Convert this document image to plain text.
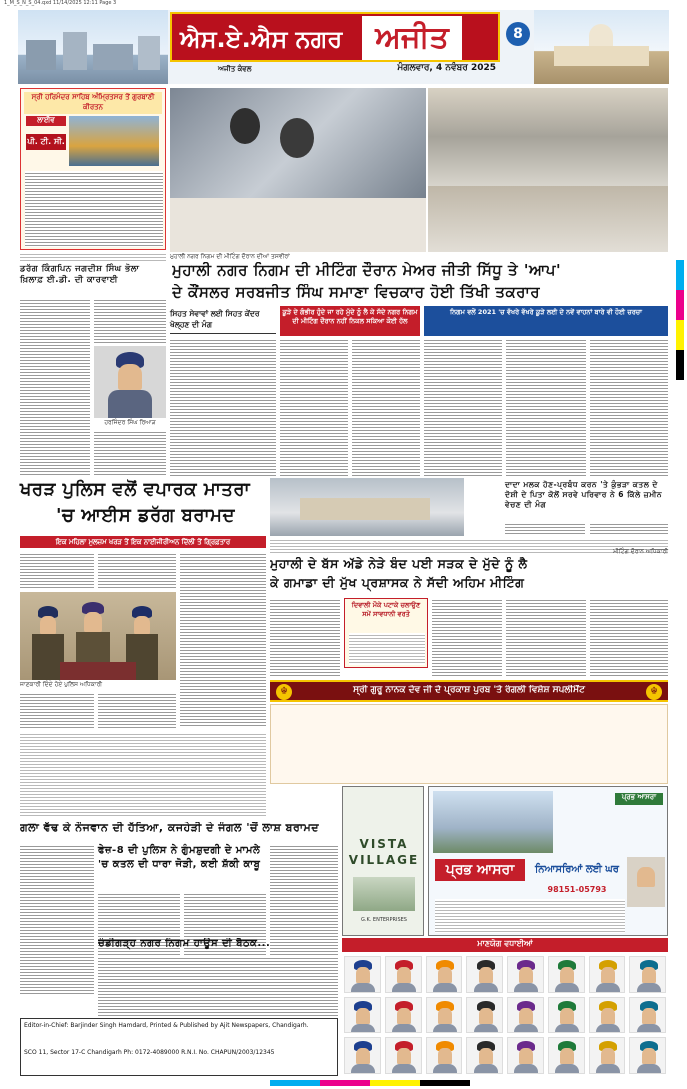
1_M_S_N_S_04.qxd 11/14/2025 12:11 Page 3
ਐਸ.ਏ.ਐਸ ਨਗਰ	ਅਜੀਤ	8
ਅਜੀਤ ਕੰਵਲ	ਮੰਗਲਵਾਰ, 4 ਨਵੰਬਰ 2025
ਸ੍ਰੀ ਹਰਿਮੰਦਰ ਸਾਹਿਬ ਅੰਮ੍ਰਿਤਸਰ ਤੋਂ ਗੁਰਬਾਣੀ ਕੀਰਤਨ
ਲਾਈਵ
ਪੀ. ਟੀ. ਸੀ.
ਮੁਹਾਲੀ ਨਗਰ ਨਿਗਮ ਦੀ ਮੀਟਿੰਗ ਦੌਰਾਨ ਦੀਆਂ ਤਸਵੀਰਾਂ
ਮੁਹਾਲੀ ਨਗਰ ਨਿਗਮ ਦੀ ਮੀਟਿੰਗ ਦੌਰਾਨ ਮੇਅਰ ਜੀਤੀ ਸਿੱਧੂ ਤੇ 'ਆਪ'
ਦੇ ਕੌਂਸਲਰ ਸਰਬਜੀਤ ਸਿੰਘ ਸਮਾਣਾ ਵਿਚਕਾਰ ਹੋਈ ਤਿੱਖੀ ਤਕਰਾਰ
ਡਰੱਗ ਕਿੰਗਪਿਨ ਜਗਦੀਸ਼ ਸਿੰਘ ਭੋਲਾ ਖ਼ਿਲਾਫ਼ ਈ.ਡੀ. ਦੀ ਕਾਰਵਾਈ
ਹਰਜਿੰਦਰ ਸਿੰਘ ਰਿਆੜ
ਸਿਹਤ ਸੇਵਾਵਾਂ ਲਈ ਸਿਹਤ ਕੇਂਦਰ ਖੋਲ੍ਹਣ ਦੀ ਮੰਗ
ਕੂੜੇ ਦੇ ਗੰਭੀਰ ਹੁੰਦੇ ਜਾ ਰਹੇ ਮੁੱਦੇ ਨੂੰ ਲੈ ਕੇ ਸੱਦੇ ਨਗਰ ਨਿਗਮ ਦੀ ਮੀਟਿੰਗ ਦੌਰਾਨ ਨਹੀਂ ਨਿਕਲ ਸਕਿਆ ਕੋਈ ਹੱਲ
ਨਿਗਮ ਵਲੋਂ 2021 'ਚ ਵੱਖਰੇ ਵੱਖਰੇ ਕੂੜੇ ਲਈ ਦੇ ਨਵੇਂ ਵਾਹਨਾਂ ਬਾਰੇ ਵੀ ਹੋਈ ਚਰਚਾ
ਖਰੜ ਪੁਲਿਸ ਵਲੋਂ ਵਪਾਰਕ ਮਾਤਰਾ
'ਚ ਆਈਸ ਡਰੱਗ ਬਰਾਮਦ
ਇਕ ਮਹਿਲਾ ਮੁਲਜ਼ਮ ਖਰੜ ਤੋਂ ਇਕ ਨਾਈਜੀਰੀਅਨ ਦਿੱਲੀ ਤੋਂ ਗ੍ਰਿਫ਼ਤਾਰ
ਜਾਣਕਾਰੀ ਦਿੰਦੇ ਹੋਏ ਪੁਲਿਸ ਅਧਿਕਾਰੀ
ਮੀਟਿੰਗ ਦੌਰਾਨ ਅਧਿਕਾਰੀ
ਮੁਹਾਲੀ ਦੇ ਬੱਸ ਅੱਡੇ ਨੇੜੇ ਬੰਦ ਪਈ ਸੜਕ ਦੇ ਮੁੱਦੇ ਨੂੰ ਲੈ
ਕੇ ਗਮਾਡਾ ਦੀ ਮੁੱਖ ਪ੍ਰਸ਼ਾਸਕ ਨੇ ਸੱਦੀ ਅਹਿਮ ਮੀਟਿੰਗ
ਦਿਵਾਲੀ ਮੌਕੇ ਪਟਾਕੇ ਚਲਾਉਣ ਸਮੇਂ ਸਾਵਧਾਨੀ ਵਰਤੋ
ਦਾਦਾ ਮਲਕ ਹੋਣ-ਪ੍ਰਬੰਧ ਕਰਨ 'ਤੇ ਕੁੰਭੜਾ ਕਤਲ ਦੇ ਦੋਸ਼ੀ ਦੇ ਪਿਤਾ ਕੋਲੋਂ ਸਰਵੇ ਪਰਿਵਾਰ ਨੇ 6 ਕਿੱਲੇ ਜ਼ਮੀਨ ਵੇਚਣ ਦੀ ਮੰਗ
☬	ਸ੍ਰੀ ਗੁਰੂ ਨਾਨਕ ਦੇਵ ਜੀ ਦੇ ਪ੍ਰਕਾਸ਼ ਪੁਰਬ 'ਤੇ ਰੰਗਲੀ ਵਿਸ਼ੇਸ਼ ਸਪਲੀਮੈਂਟ	☬
ਗਲਾ ਵੱਢ ਕੇ ਨੌਜਵਾਨ ਦੀ ਹੱਤਿਆ, ਕਜਹੇੜੀ ਦੇ ਜੰਗਲ 'ਚੋਂ ਲਾਸ਼ ਬਰਾਮਦ
ਫੇਜ਼-8 ਦੀ ਪੁਲਿਸ ਨੇ ਗੁੰਮਸ਼ੁਦਗੀ ਦੇ ਮਾਮਲੇ 'ਚ ਕਤਲ ਦੀ ਧਾਰਾ ਜੋੜੀ, ਕਈ ਸ਼ੱਕੀ ਕਾਬੂ
VISTA
VILLAGE
G.K. ENTERPRISES
ਪ੍ਰਭ ਆਸਰਾ
ਪ੍ਰਭ ਆਸਰਾ	ਨਿਆਸਰਿਆਂ ਲਈ ਘਰ
98151-05793
ਚੰਡੀਗੜ੍ਹ ਨਗਰ ਨਿਗਮ ਹਾਊਸ ਦੀ ਬੈਠਕ...	ਮਾਣਯੋਗ ਵਧਾਈਆਂ
Editor-in-Chief: Barjinder Singh Hamdard, Printed & Published by Ajit Newspapers, Chandigarh.
SCO 11, Sector 17-C Chandigarh Ph: 0172-4089000 R.N.I. No. CHAPUN/2003/12345
